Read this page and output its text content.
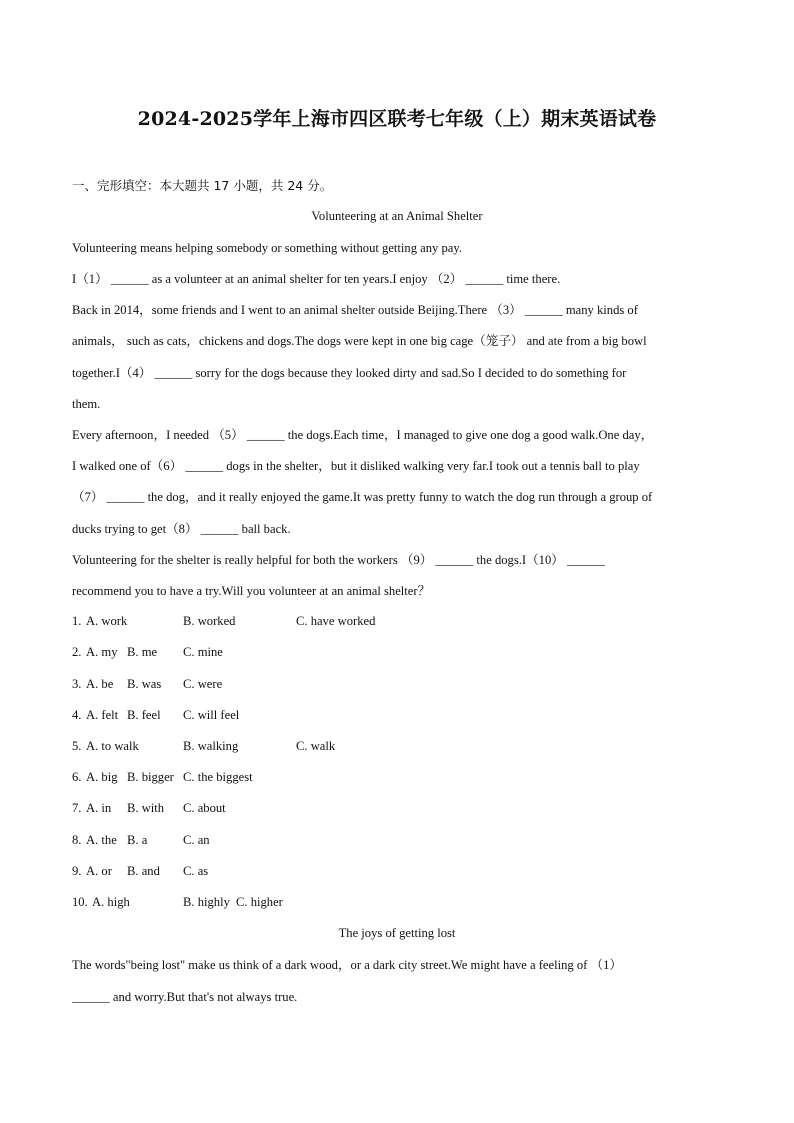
2024-2025学年上海市四区联考七年级（上）期末英语试卷
一、完形填空：本大题共 17 小题，共 24 分。
Volunteering at an Animal Shelter
Volunteering means helping somebody or something without getting any pay.
I（1） ______ as a volunteer at an animal shelter for ten years.I enjoy （2） ______ time there.
Back in 2014，some friends and I went to an animal shelter outside Beijing.There （3） ______ many kinds of
animals， such as cats，chickens and dogs.The dogs were kept in one big cage（笼子） and ate from a big bowl
together.I（4） ______ sorry for the dogs because they looked dirty and sad.So I decided to do something for
them.
Every afternoon，I needed （5） ______ the dogs.Each time，I managed to give one dog a good walk.One day，
I walked one of（6） ______ dogs in the shelter，but it disliked walking very far.I took out a tennis ball to play
（7） ______ the dog，and it really enjoyed the game.It was pretty funny to watch the dog run through a group of
ducks trying to get（8） ______ ball back.
Volunteering for the shelter is really helpful for both the workers （9） ______ the dogs.I（10） ______
recommend you to have a try.Will you volunteer at an animal shelter？
1. A. work	B. worked	C. have worked
2. A. my B. me C. mine
3. A. be B. was C. were
4. A. felt B. feel C. will feel
5. A. to walk	B. walking	C. walk
6. A. big B. bigger C. the biggest
7. A. in B. with C. about
8. A. the B. a	C. an
9. A. or B. and C. as
10. A. high	B. highly C. higher
The joys of getting lost
The words"being lost" make us think of a dark wood，or a dark city street.We might have a feeling of （1）
______ and worry.But that's not always true.
